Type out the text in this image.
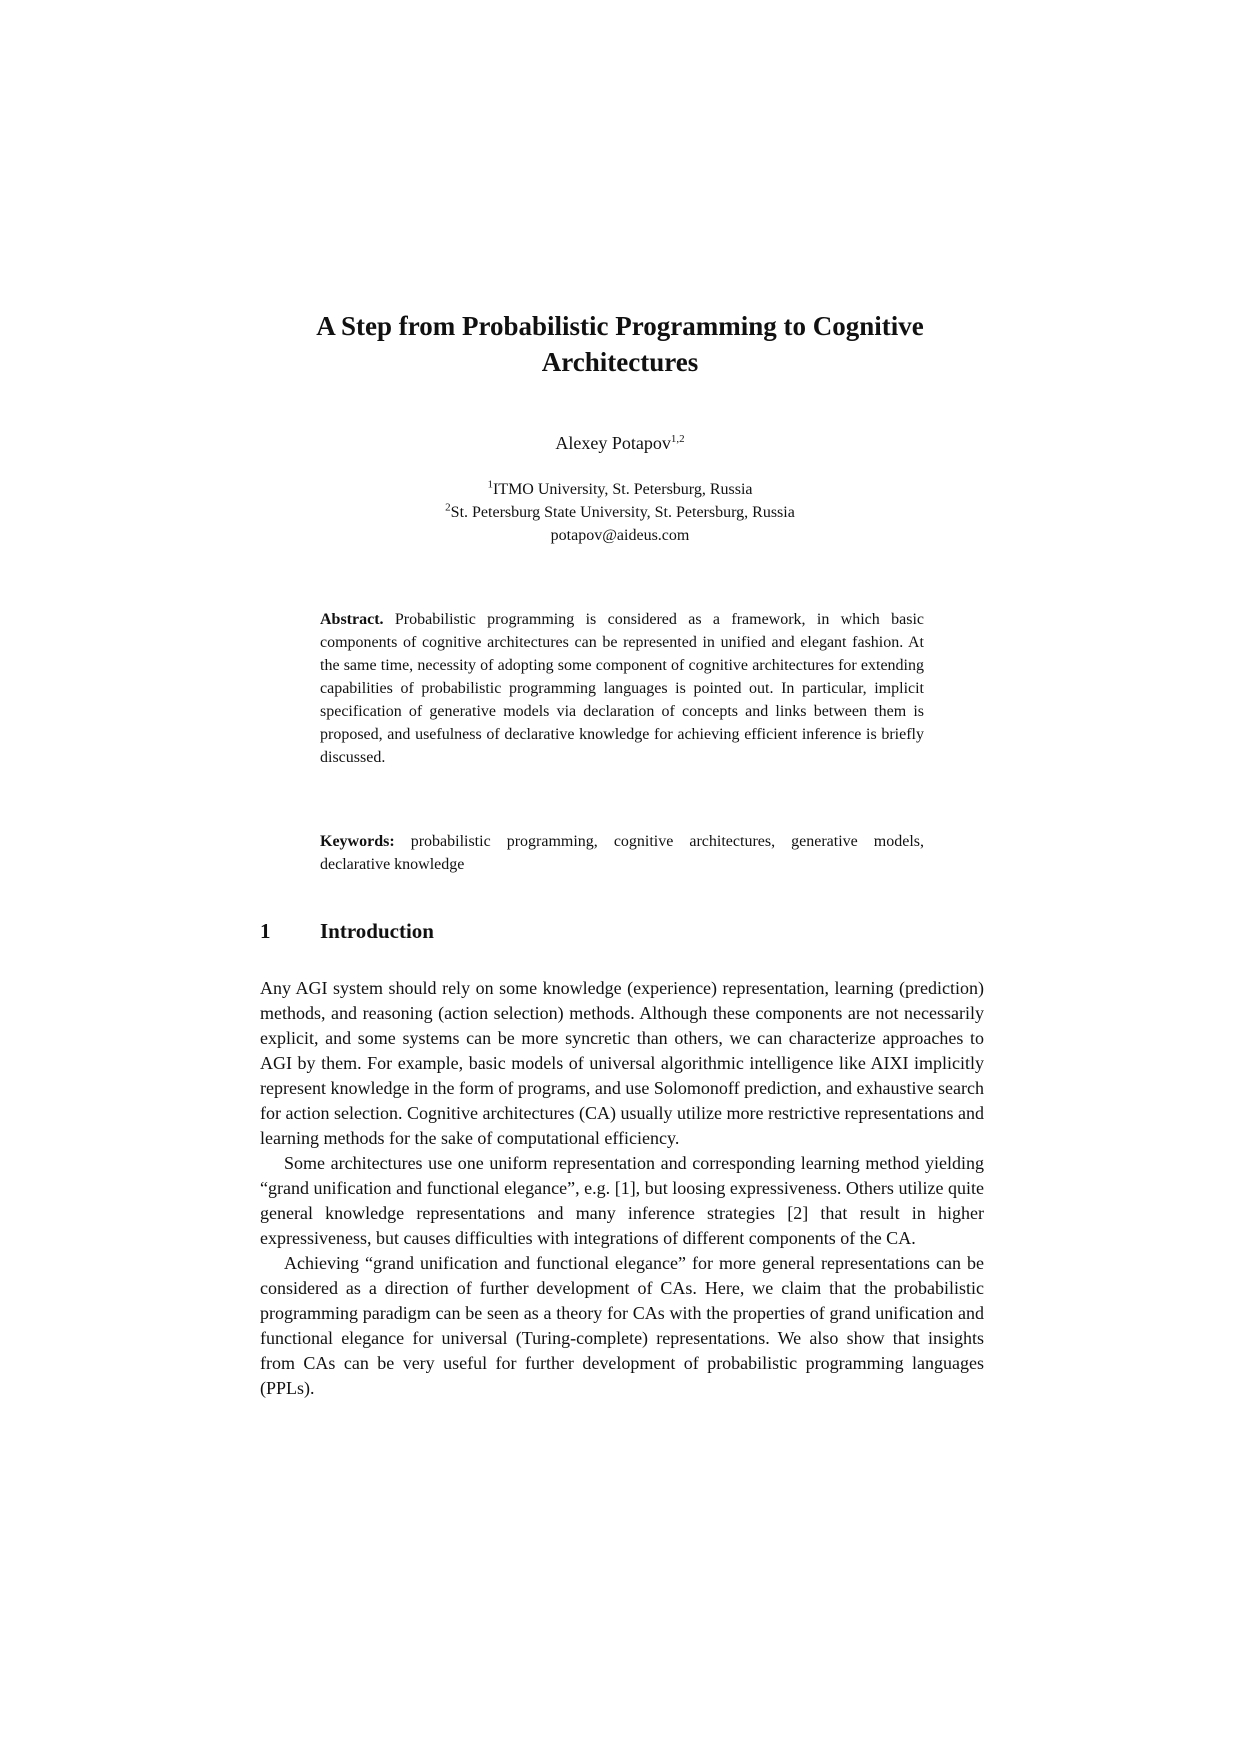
A Step from Probabilistic Programming to Cognitive
Architectures
Alexey Potapov$^{1,2}$
$^1$ITMO University, St. Petersburg, Russia
$^2$St. Petersburg State University, St. Petersburg, Russia
potapov@aideus.com
Abstract. Probabilistic programming is considered as a framework, in which basic components of cognitive architectures can be represented in unified and elegant fashion. At the same time, necessity of adopting some component of cognitive architectures for extending capabilities of probabilistic programming languages is pointed out. In particular, implicit specification of generative models via declaration of concepts and links between them is proposed, and usefulness of declarative knowledge for achieving efficient inference is briefly discussed.
Keywords: probabilistic programming, cognitive architectures, generative models, declarative knowledge
1 Introduction

Any AGI system should rely on some knowledge (experience) representation, learning (prediction) methods, and reasoning (action selection) methods. Although these components are not necessarily explicit, and some systems can be more syncretic than others, we can characterize approaches to AGI by them. For example, basic models of universal algorithmic intelligence like AIXI implicitly represent knowledge in the form of programs, and use Solomonoff prediction, and exhaustive search for action selection. Cognitive architectures (CA) usually utilize more restrictive representations and learning methods for the sake of computational efficiency.

Some architectures use one uniform representation and corresponding learning method yielding “grand unification and functional elegance”, e.g. [1], but loosing expressiveness. Others utilize quite general knowledge representations and many inference strategies [2] that result in higher expressiveness, but causes difficulties with integrations of different components of the CA.

Achieving “grand unification and functional elegance” for more general representations can be considered as a direction of further development of CAs. Here, we claim that the probabilistic programming paradigm can be seen as a theory for CAs with the properties of grand unification and functional elegance for universal (Turing-complete) representations. We also show that insights from CAs can be very useful for further development of probabilistic programming languages (PPLs).
